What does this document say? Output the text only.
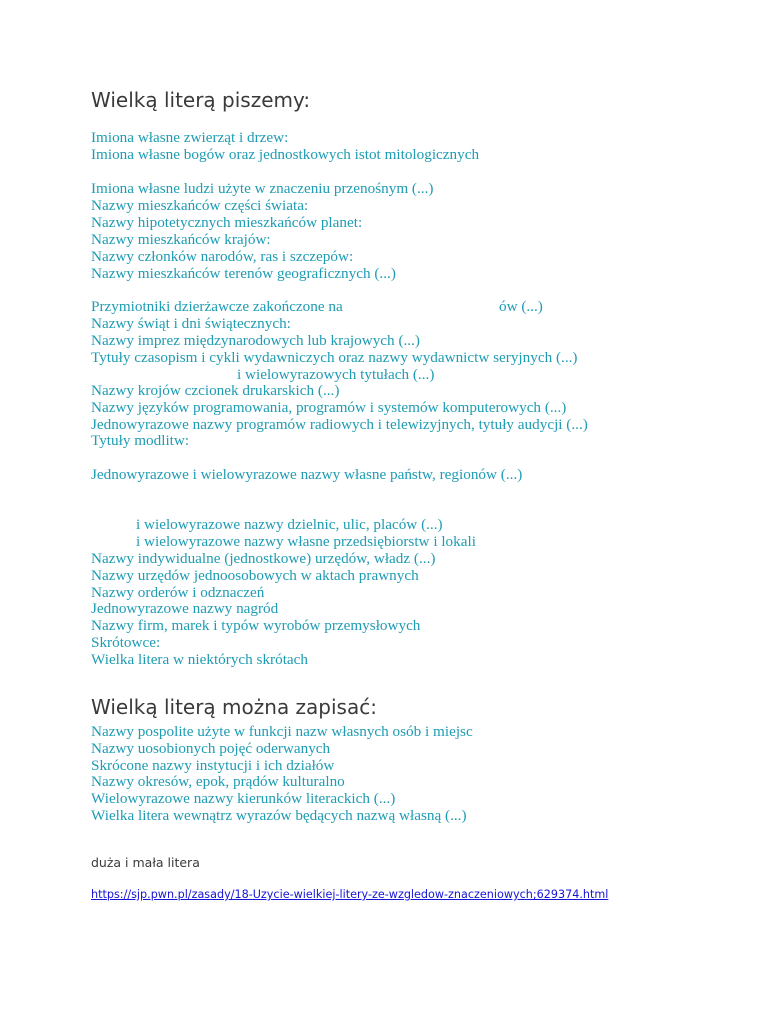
Wielką literą piszemy:
Imiona własne zwierząt i drzew:
Imiona własne bogów oraz jednostkowych istot mitologicznych
Imiona własne ludzi użyte w znaczeniu przenośnym (...)
Nazwy mieszkańców części świata:
Nazwy hipotetycznych mieszkańców planet:
Nazwy mieszkańców krajów:
Nazwy członków narodów, ras i szczepów:
Nazwy mieszkańców terenów geograficznych (...)
Przymiotniki dzierżawcze zakończone na	ów (...)
Nazwy świąt i dni świątecznych:
Nazwy imprez międzynarodowych lub krajowych (...)
Tytuły czasopism i cykli wydawniczych oraz nazwy wydawnictw seryjnych (...)
i wielowyrazowych tytułach (...)
Nazwy krojów czcionek drukarskich (...)
Nazwy języków programowania, programów i systemów komputerowych (...)
Jednowyrazowe nazwy programów radiowych i telewizyjnych, tytuły audycji (...)
Tytuły modlitw:
Jednowyrazowe i wielowyrazowe nazwy własne państw, regionów (...)
i wielowyrazowe nazwy dzielnic, ulic, placów (...)
i wielowyrazowe nazwy własne przedsiębiorstw i lokali
Nazwy indywidualne (jednostkowe) urzędów, władz (...)
Nazwy urzędów jednoosobowych w aktach prawnych
Nazwy orderów i odznaczeń
Jednowyrazowe nazwy nagród
Nazwy firm, marek i typów wyrobów przemysłowych
Skrótowce:
Wielka litera w niektórych skrótach
Wielką literą można zapisać:
Nazwy pospolite użyte w funkcji nazw własnych osób i miejsc
Nazwy uosobionych pojęć oderwanych
Skrócone nazwy instytucji i ich działów
Nazwy okresów, epok, prądów kulturalno
Wielowyrazowe nazwy kierunków literackich (...)
Wielka litera wewnątrz wyrazów będących nazwą własną (...)
duża i mała litera
https://sjp.pwn.pl/zasady/18-Uzycie-wielkiej-litery-ze-wzgledow-znaczeniowych;629374.html
